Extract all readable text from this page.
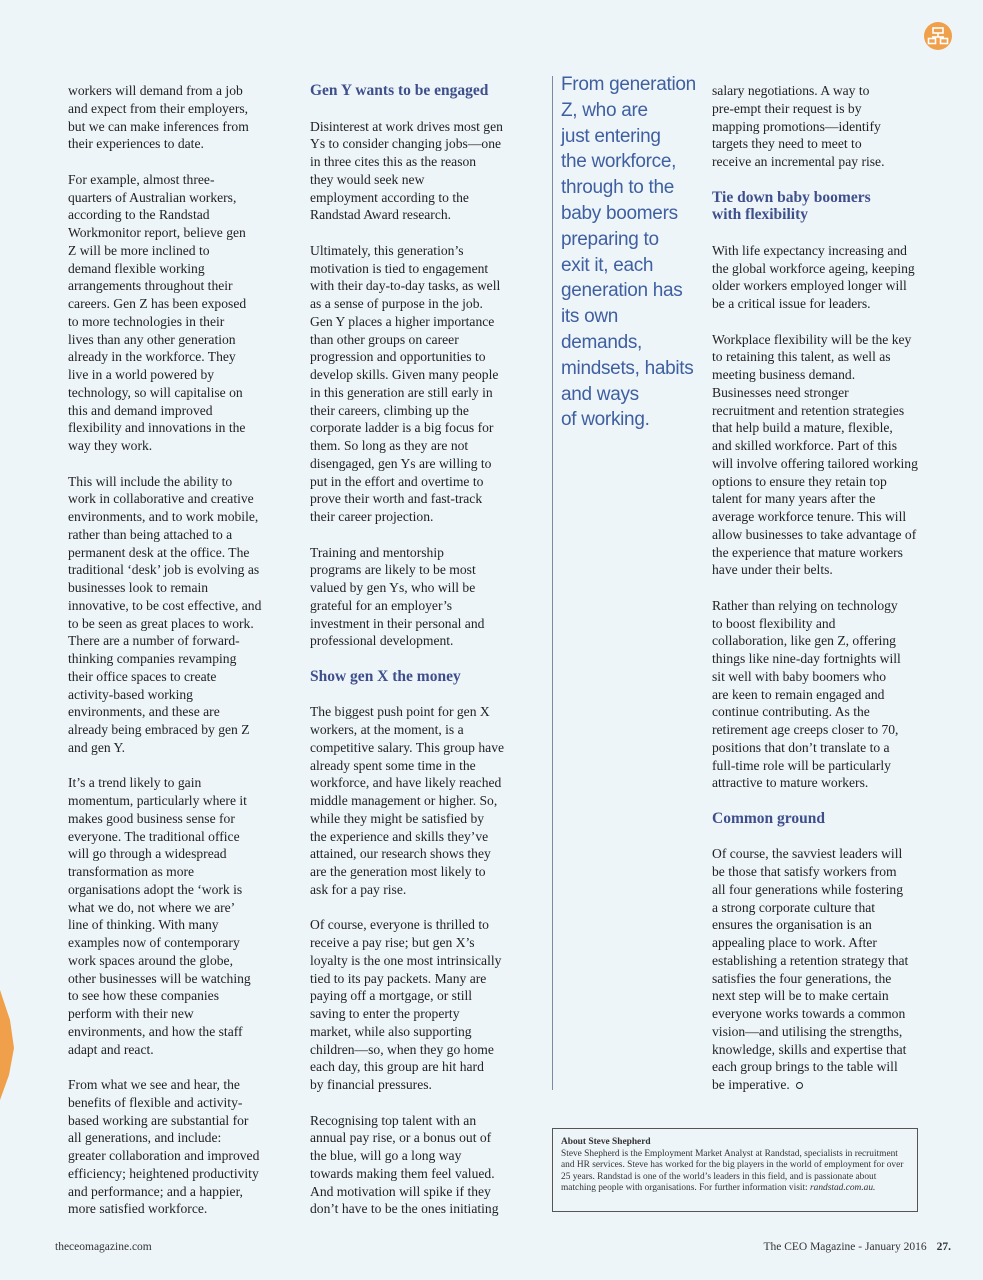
workers will demand from a job
and expect from their employers,
but we can make inferences from
their experiences to date.

For example, almost three-
quarters of Australian workers,
according to the Randstad
Workmonitor report, believe gen
Z will be more inclined to
demand flexible working
arrangements throughout their
careers. Gen Z has been exposed
to more technologies in their
lives than any other generation
already in the workforce. They
live in a world powered by
technology, so will capitalise on
this and demand improved
flexibility and innovations in the
way they work.

This will include the ability to
work in collaborative and creative
environments, and to work mobile,
rather than being attached to a
permanent desk at the office. The
traditional ‘desk’ job is evolving as
businesses look to remain
innovative, to be cost effective, and
to be seen as great places to work.
There are a number of forward-
thinking companies revamping
their office spaces to create
activity-based working
environments, and these are
already being embraced by gen Z
and gen Y.

It’s a trend likely to gain
momentum, particularly where it
makes good business sense for
everyone. The traditional office
will go through a widespread
transformation as more
organisations adopt the ‘work is
what we do, not where we are’
line of thinking. With many
examples now of contemporary
work spaces around the globe,
other businesses will be watching
to see how these companies
perform with their new
environments, and how the staff
adapt and react.

From what we see and hear, the
benefits of flexible and activity-
based working are substantial for
all generations, and include:
greater collaboration and improved
efficiency; heightened productivity
and performance; and a happier,
more satisfied workforce.

Gen Y wants to be engaged

Disinterest at work drives most gen
Ys to consider changing jobs—one
in three cites this as the reason
they would seek new
employment according to the
Randstad Award research.

Ultimately, this generation’s
motivation is tied to engagement
with their day-to-day tasks, as well
as a sense of purpose in the job.
Gen Y places a higher importance
than other groups on career
progression and opportunities to
develop skills. Given many people
in this generation are still early in
their careers, climbing up the
corporate ladder is a big focus for
them. So long as they are not
disengaged, gen Ys are willing to
put in the effort and overtime to
prove their worth and fast-track
their career projection.

Training and mentorship
programs are likely to be most
valued by gen Ys, who will be
grateful for an employer’s
investment in their personal and
professional development.

Show gen X the money

The biggest push point for gen X
workers, at the moment, is a
competitive salary. This group have
already spent some time in the
workforce, and have likely reached
middle management or higher. So,
while they might be satisfied by
the experience and skills they’ve
attained, our research shows they
are the generation most likely to
ask for a pay rise.

Of course, everyone is thrilled to
receive a pay rise; but gen X’s
loyalty is the one most intrinsically
tied to its pay packets. Many are
paying off a mortgage, or still
saving to enter the property
market, while also supporting
children—so, when they go home
each day, this group are hit hard
by financial pressures.

Recognising top talent with an
annual pay rise, or a bonus out of
the blue, will go a long way
towards making them feel valued.
And motivation will spike if they
don’t have to be the ones initiating

From generation
Z, who are
just entering
the workforce,
through to the
baby boomers
preparing to
exit it, each
generation has
its own
demands,
mindsets, habits
and ways
of working.

salary negotiations. A way to
pre-empt their request is by
mapping promotions—identify
targets they need to meet to
receive an incremental pay rise.

Tie down baby boomers
with flexibility

With life expectancy increasing and
the global workforce ageing, keeping
older workers employed longer will
be a critical issue for leaders.

Workplace flexibility will be the key
to retaining this talent, as well as
meeting business demand.
Businesses need stronger
recruitment and retention strategies
that help build a mature, flexible,
and skilled workforce. Part of this
will involve offering tailored working
options to ensure they retain top
talent for many years after the
average workforce tenure. This will
allow businesses to take advantage of
the experience that mature workers
have under their belts.

Rather than relying on technology
to boost flexibility and
collaboration, like gen Z, offering
things like nine-day fortnights will
sit well with baby boomers who
are keen to remain engaged and
continue contributing. As the
retirement age creeps closer to 70,
positions that don’t translate to a
full-time role will be particularly
attractive to mature workers.

Common ground

Of course, the savviest leaders will
be those that satisfy workers from
all four generations while fostering
a strong corporate culture that
ensures the organisation is an
appealing place to work. After
establishing a retention strategy that
satisfies the four generations, the
next step will be to make certain
everyone works towards a common
vision—and utilising the strengths,
knowledge, skills and expertise that
each group brings to the table will
be imperative.

About Steve Shepherd
Steve Shepherd is the Employment Market Analyst at Randstad, specialists in recruitment and HR services. Steve has worked for the big players in the world of employment for over 25 years. Randstad is one of the world’s leaders in this field, and is passionate about matching people with organisations. For further information visit: randstad.com.au.
theceomagazine.com	The CEO Magazine - January 2016 27.
